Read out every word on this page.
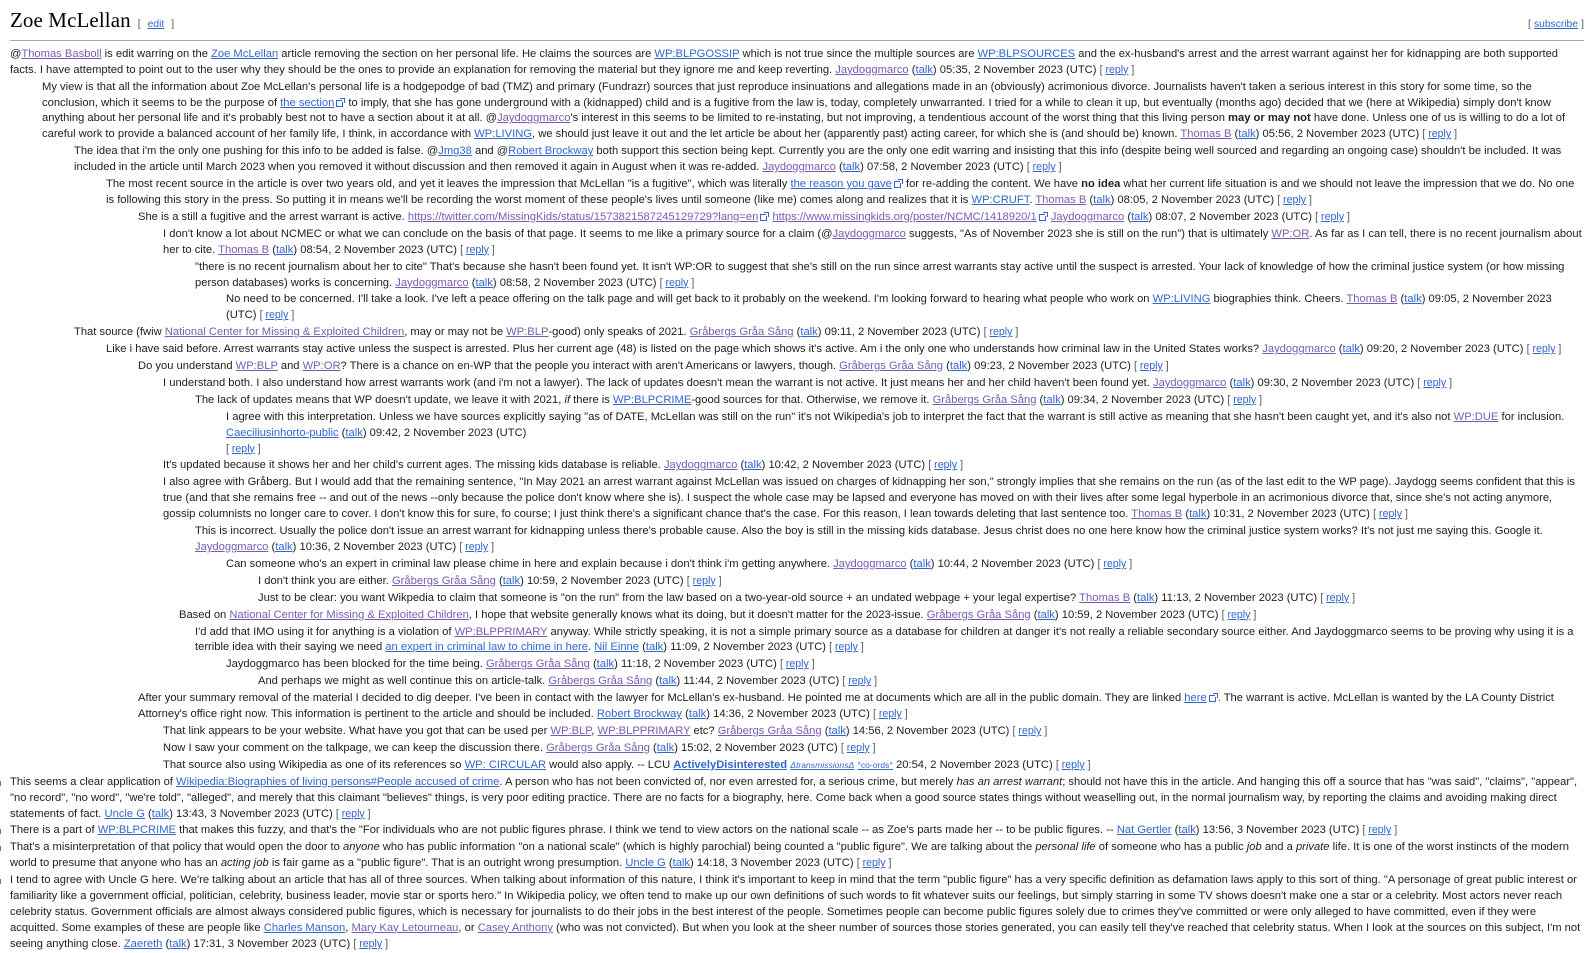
Zoe McLellan [ edit ]	[ subscribe ]
@Thomas Basboll is edit warring on the Zoe McLellan article removing the section on her personal life. He claims the sources are WP:BLPGOSSIP which is not true since the multiple sources are WP:BLPSOURCES and the ex-husband's arrest and the arrest warrant against her for kidnapping are both supported facts. I have attempted to point out to the user why they should be the ones to provide an explanation for removing the material but they ignore me and keep reverting. Jaydoggmarco (talk) 05:35, 2 November 2023 (UTC) [ reply ]
My view is that all the information about Zoe McLellan's personal life is a hodgepodge of bad (TMZ) and primary (Fundrazr) sources that just reproduce insinuations and allegations made in an (obviously) acrimonious divorce. Journalists haven't taken a serious interest in this story for some time, so the conclusion, which it seems to be the purpose of the section to imply, that she has gone underground with a (kidnapped) child and is a fugitive from the law is, today, completely unwarranted. I tried for a while to clean it up, but eventually (months ago) decided that we (here at Wikipedia) simply don't know anything about her personal life and it's probably best not to have a section about it at all. @Jaydoggmarco's interest in this seems to be limited to re-instating, but not improving, a tendentious account of the worst thing that this living person may or may not have done. Unless one of us is willing to do a lot of careful work to provide a balanced account of her family life, I think, in accordance with WP:LIVING, we should just leave it out and the let article be about her (apparently past) acting career, for which she is (and should be) known. Thomas B (talk) 05:56, 2 November 2023 (UTC) [ reply ]
The idea that i'm the only one pushing for this info to be added is false. @Jmg38 and @Robert Brockway both support this section being kept. Currently you are the only one edit warring and insisting that this info (despite being well sourced and regarding an ongoing case) shouldn't be included. It was included in the article until March 2023 when you removed it without discussion and then removed it again in August when it was re-added. Jaydoggmarco (talk) 07:58, 2 November 2023 (UTC) [ reply ]
The most recent source in the article is over two years old, and yet it leaves the impression that McLellan "is a fugitive", which was literally the reason you gave for re-adding the content. We have no idea what her current life situation is and we should not leave the impression that we do. No one is following this story in the press. So putting it in means we'll be recording the worst moment of these people's lives until someone (like me) comes along and realizes that it is WP:CRUFT. Thomas B (talk) 08:05, 2 November 2023 (UTC) [ reply ]
She is a still a fugitive and the arrest warrant is active. https://twitter.com/MissingKids/status/1573821587245129729?lang=en https://www.missingkids.org/poster/NCMC/1418920/1 Jaydoggmarco (talk) 08:07, 2 November 2023 (UTC) [ reply ]
I don't know a lot about NCMEC or what we can conclude on the basis of that page. It seems to me like a primary source for a claim (@Jaydoggmarco suggests, "As of November 2023 she is still on the run") that is ultimately WP:OR. As far as I can tell, there is no recent journalism about her to cite. Thomas B (talk) 08:54, 2 November 2023 (UTC) [ reply ]
"there is no recent journalism about her to cite" That's because she hasn't been found yet. It isn't WP:OR to suggest that she's still on the run since arrest warrants stay active until the suspect is arrested. Your lack of knowledge of how the criminal justice system (or how missing person databases) works is concerning. Jaydoggmarco (talk) 08:58, 2 November 2023 (UTC) [ reply ]
No need to be concerned. I'll take a look. I've left a peace offering on the talk page and will get back to it probably on the weekend. I'm looking forward to hearing what people who work on WP:LIVING biographies think. Cheers. Thomas B (talk) 09:05, 2 November 2023 (UTC) [ reply ]
That source (fwiw National Center for Missing & Exploited Children, may or may not be WP:BLP-good) only speaks of 2021. Gråbergs Gråa Sång (talk) 09:11, 2 November 2023 (UTC) [ reply ]
Like i have said before. Arrest warrants stay active unless the suspect is arrested. Plus her current age (48) is listed on the page which shows it's active. Am i the only one who understands how criminal law in the United States works? Jaydoggmarco (talk) 09:20, 2 November 2023 (UTC) [ reply ]
Do you understand WP:BLP and WP:OR? There is a chance on en-WP that the people you interact with aren't Americans or lawyers, though. Gråbergs Gråa Sång (talk) 09:23, 2 November 2023 (UTC) [ reply ]
I understand both. I also understand how arrest warrants work (and i'm not a lawyer). The lack of updates doesn't mean the warrant is not active. It just means her and her child haven't been found yet. Jaydoggmarco (talk) 09:30, 2 November 2023 (UTC) [ reply ]
The lack of updates means that WP doesn't update, we leave it with 2021, if there is WP:BLPCRIME-good sources for that. Otherwise, we remove it. Gråbergs Gråa Sång (talk) 09:34, 2 November 2023 (UTC) [ reply ]
I agree with this interpretation. Unless we have sources explicitly saying "as of DATE, McLellan was still on the run" it's not Wikipedia's job to interpret the fact that the warrant is still active as meaning that she hasn't been caught yet, and it's also not WP:DUE for inclusion. Caeciliusinhorto-public (talk) 09:42, 2 November 2023 (UTC)
[ reply ]
It's updated because it shows her and her child's current ages. The missing kids database is reliable. Jaydoggmarco (talk) 10:42, 2 November 2023 (UTC) [ reply ]
I also agree with Gråberg. But I would add that the remaining sentence, "In May 2021 an arrest warrant against McLellan was issued on charges of kidnapping her son," strongly implies that she remains on the run (as of the last edit to the WP page). Jaydogg seems confident that this is true (and that she remains free -- and out of the news --only because the police don't know where she is). I suspect the whole case may be lapsed and everyone has moved on with their lives after some legal hyperbole in an acrimonious divorce that, since she's not acting anymore, gossip columnists no longer care to cover. I don't know this for sure, fo course; I just think there's a significant chance that's the case. For this reason, I lean towards deleting that last sentence too. Thomas B (talk) 10:31, 2 November 2023 (UTC) [ reply ]
This is incorrect. Usually the police don't issue an arrest warrant for kidnapping unless there's probable cause. Also the boy is still in the missing kids database. Jesus christ does no one here know how the criminal justice system works? It's not just me saying this. Google it. Jaydoggmarco (talk) 10:36, 2 November 2023 (UTC) [ reply ]
Can someone who's an expert in criminal law please chime in here and explain because i don't think i'm getting anywhere. Jaydoggmarco (talk) 10:44, 2 November 2023 (UTC) [ reply ]
I don't think you are either. Gråbergs Gråa Sång (talk) 10:59, 2 November 2023 (UTC) [ reply ]
Just to be clear: you want Wikpedia to claim that someone is "on the run" from the law based on a two-year-old source + an undated webpage + your legal expertise? Thomas B (talk) 11:13, 2 November 2023 (UTC) [ reply ]
Based on National Center for Missing & Exploited Children, I hope that website generally knows what its doing, but it doesn't matter for the 2023-issue. Gråbergs Gråa Sång (talk) 10:59, 2 November 2023 (UTC) [ reply ]
I'd add that IMO using it for anything is a violation of WP:BLPPRIMARY anyway. While strictly speaking, it is not a simple primary source as a database for children at danger it's not really a reliable secondary source either. And Jaydoggmarco seems to be proving why using it is a terrible idea with their saying we need an expert in criminal law to chime in here. Nil Einne (talk) 11:09, 2 November 2023 (UTC) [ reply ]
Jaydoggmarco has been blocked for the time being. Gråbergs Gråa Sång (talk) 11:18, 2 November 2023 (UTC) [ reply ]
And perhaps we might as well continue this on article-talk. Gråbergs Gråa Sång (talk) 11:44, 2 November 2023 (UTC) [ reply ]
After your summary removal of the material I decided to dig deeper. I've been in contact with the lawyer for McLellan's ex-husband. He pointed me at documents which are all in the public domain. They are linked here . The warrant is active. McLellan is wanted by the LA County District Attorney's office right now. This information is pertinent to the article and should be included. Robert Brockway (talk) 14:36, 2 November 2023 (UTC) [ reply ]
That link appears to be your website. What have you got that can be used per WP:BLP, WP:BLPPRIMARY etc? Gråbergs Gråa Sång (talk) 14:56, 2 November 2023 (UTC) [ reply ]
Now I saw your comment on the talkpage, we can keep the discussion there. Gråbergs Gråa Sång (talk) 15:02, 2 November 2023 (UTC) [ reply ]
That source also using Wikipedia as one of its references so WP: CIRCULAR would also apply. -- LCU ActivelyDisinterested ΔtransmissionsΔ °co-ords° 20:54, 2 November 2023 (UTC) [ reply ]
This seems a clear application of Wikipedia:Biographies of living persons#People accused of crime. A person who has not been convicted of, nor even arrested for, a serious crime, but merely has an arrest warrant; should not have this in the article. And hanging this off a source that has "was said", "claims", "appear", "no record", "no word", "we're told", "alleged", and merely that this claimant "believes" things, is very poor editing practice. There are no facts for a biography, here. Come back when a good source states things without weaselling out, in the normal journalism way, by reporting the claims and avoiding making direct statements of fact. Uncle G (talk) 13:43, 3 November 2023 (UTC) [ reply ]
There is a part of WP:BLPCRIME that makes this fuzzy, and that's the "For individuals who are not public figures phrase. I think we tend to view actors on the national scale -- as Zoe's parts made her -- to be public figures. -- Nat Gertler (talk) 13:56, 3 November 2023 (UTC) [ reply ]
That's a misinterpretation of that policy that would open the door to anyone who has public information "on a national scale" (which is highly parochial) being counted a "public figure". We are talking about the personal life of someone who has a public job and a private life. It is one of the worst instincts of the modern world to presume that anyone who has an acting job is fair game as a "public figure". That is an outright wrong presumption. Uncle G (talk) 14:18, 3 November 2023 (UTC) [ reply ]
I tend to agree with Uncle G here. We're talking about an article that has all of three sources. When talking about information of this nature, I think it's important to keep in mind that the term "public figure" has a very specific definition as defamation laws apply to this sort of thing. "A personage of great public interest or familiarity like a government official, politician, celebrity, business leader, movie star or sports hero." In Wikipedia policy, we often tend to make up our own definitions of such words to fit whatever suits our feelings, but simply starring in some TV shows doesn't make one a star or a celebrity. Most actors never reach celebrity status. Government officials are almost always considered public figures, which is necessary for journalists to do their jobs in the best interest of the people. Sometimes people can become public figures solely due to crimes they've committed or were only alleged to have committed, even if they were acquitted. Some examples of these are people like Charles Manson, Mary Kay Letourneau, or Casey Anthony (who was not convicted). But when you look at the sheer number of sources those stories generated, you can easily tell they've reached that celebrity status. When I look at the sources on this subject, I'm not seeing anything close. Zaereth (talk) 17:31, 3 November 2023 (UTC) [ reply ]
